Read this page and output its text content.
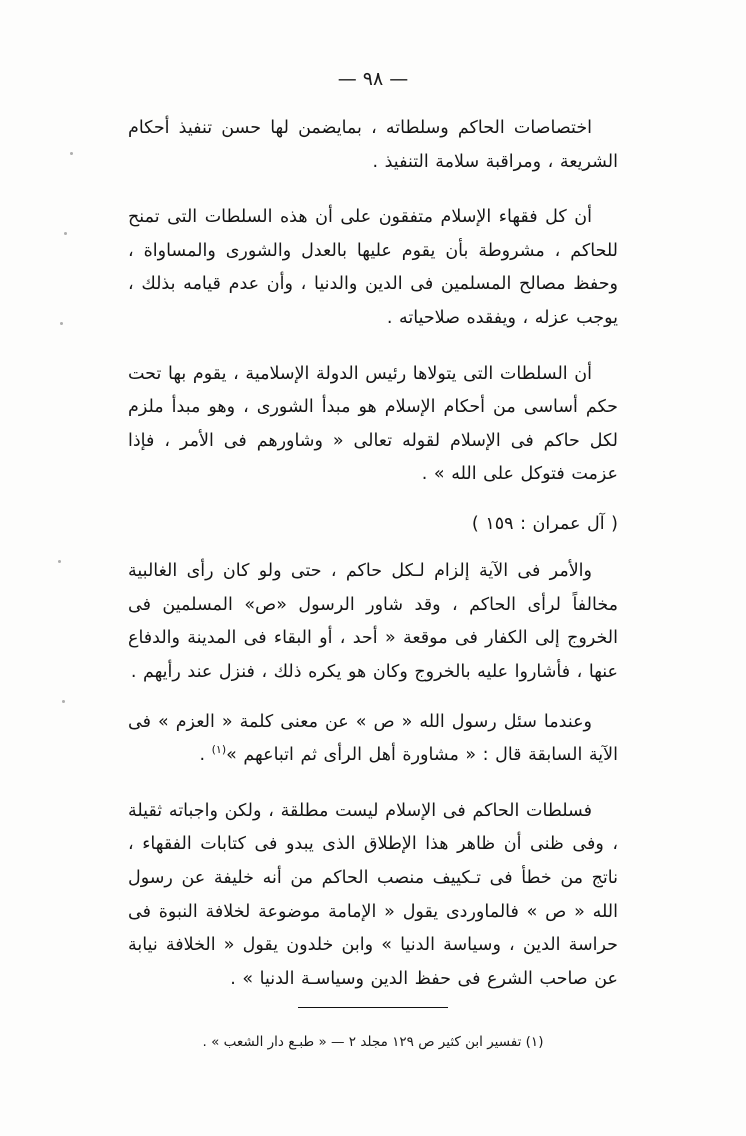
— ٩٨ —

اختصاصات الحاكم وسلطاته ، بمايضمن لها حسن تنفيذ أحكام الشريعة ، ومراقبة سلامة التنفيذ .

أن كل فقهاء الإسلام متفقون على أن هذه السلطات التى تمنح للحاكم ، مشروطة بأن يقوم عليها بالعدل والشورى والمساواة ، وحفظ مصالح المسلمين فى الدين والدنيا ، وأن عدم قيامه بذلك ، يوجب عزله ، ويفقده صلاحياته .

أن السلطات التى يتولاها رئيس الدولة الإسلامية ، يقوم بها تحت حكم أساسى من أحكام الإسلام هو مبدأ الشورى ، وهو مبدأ ملزم لكل حاكم فى الإسلام لقوله تعالى « وشاورهم فى الأمر ، فإذا عزمت فتوكل على الله » .

( آل عمران : ١٥٩ )

والأمر فى الآية إلزام لـكل حاكم ، حتى ولو كان رأى الغالبية مخالفاً لرأى الحاكم ، وقد شاور الرسول «ص» المسلمين فى الخروج إلى الكفار فى موقعة « أحد ، أو البقاء فى المدينة والدفاع عنها ، فأشاروا عليه بالخروج وكان هو يكره ذلك ، فنزل عند رأيهم .

وعندما سئل رسول الله « ص » عن معنى كلمة « العزم » فى الآية السابقة قال : « مشاورة أهل الرأى ثم اتباعهم »$^{(١)}$ .

فسلطات الحاكم فى الإسلام ليست مطلقة ، ولكن واجباته ثقيلة ، وفى ظنى أن ظاهر هذا الإطلاق الذى يبدو فى كتابات الفقهاء ، ناتج من خطأ فى تـكييف منصب الحاكم من أنه خليفة عن رسول الله « ص » فالماوردى يقول « الإمامة موضوعة لخلافة النبوة فى حراسة الدين ، وسياسة الدنيا » وابن خلدون يقول « الخلافة نيابة عن صاحب الشرع فى حفظ الدين وسياسـة الدنيا » .

(١) تفسير ابن كثير ص ١٢٩ مجلد ٢ — « طبـع دار الشعب » .
